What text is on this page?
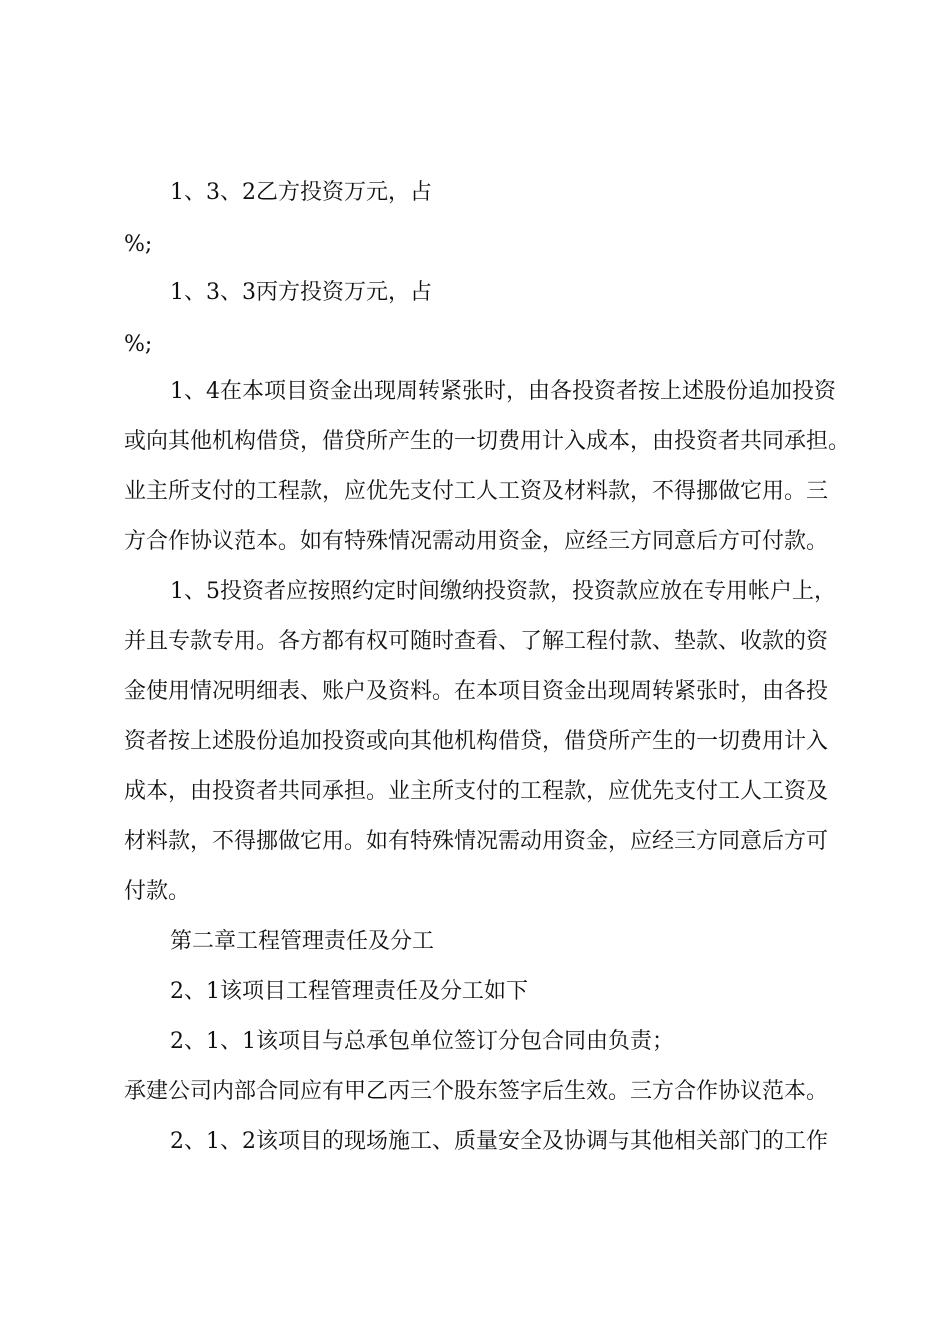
1、3、2乙方投资万元，占
%;
1、3、3丙方投资万元，占
%;
1、4在本项目资金出现周转紧张时，由各投资者按上述股份追加投资
或向其他机构借贷，借贷所产生的一切费用计入成本，由投资者共同承担。
业主所支付的工程款，应优先支付工人工资及材料款，不得挪做它用。三
方合作协议范本。如有特殊情况需动用资金，应经三方同意后方可付款。
1、5投资者应按照约定时间缴纳投资款，投资款应放在专用帐户上，
并且专款专用。各方都有权可随时查看、了解工程付款、垫款、收款的资
金使用情况明细表、账户及资料。在本项目资金出现周转紧张时，由各投
资者按上述股份追加投资或向其他机构借贷，借贷所产生的一切费用计入
成本，由投资者共同承担。业主所支付的工程款，应优先支付工人工资及
材料款，不得挪做它用。如有特殊情况需动用资金，应经三方同意后方可
付款。
第二章工程管理责任及分工
2、1该项目工程管理责任及分工如下
2、1、1该项目与总承包单位签订分包合同由负责；
承建公司内部合同应有甲乙丙三个股东签字后生效。三方合作协议范本。
2、1、2该项目的现场施工、质量安全及协调与其他相关部门的工作
